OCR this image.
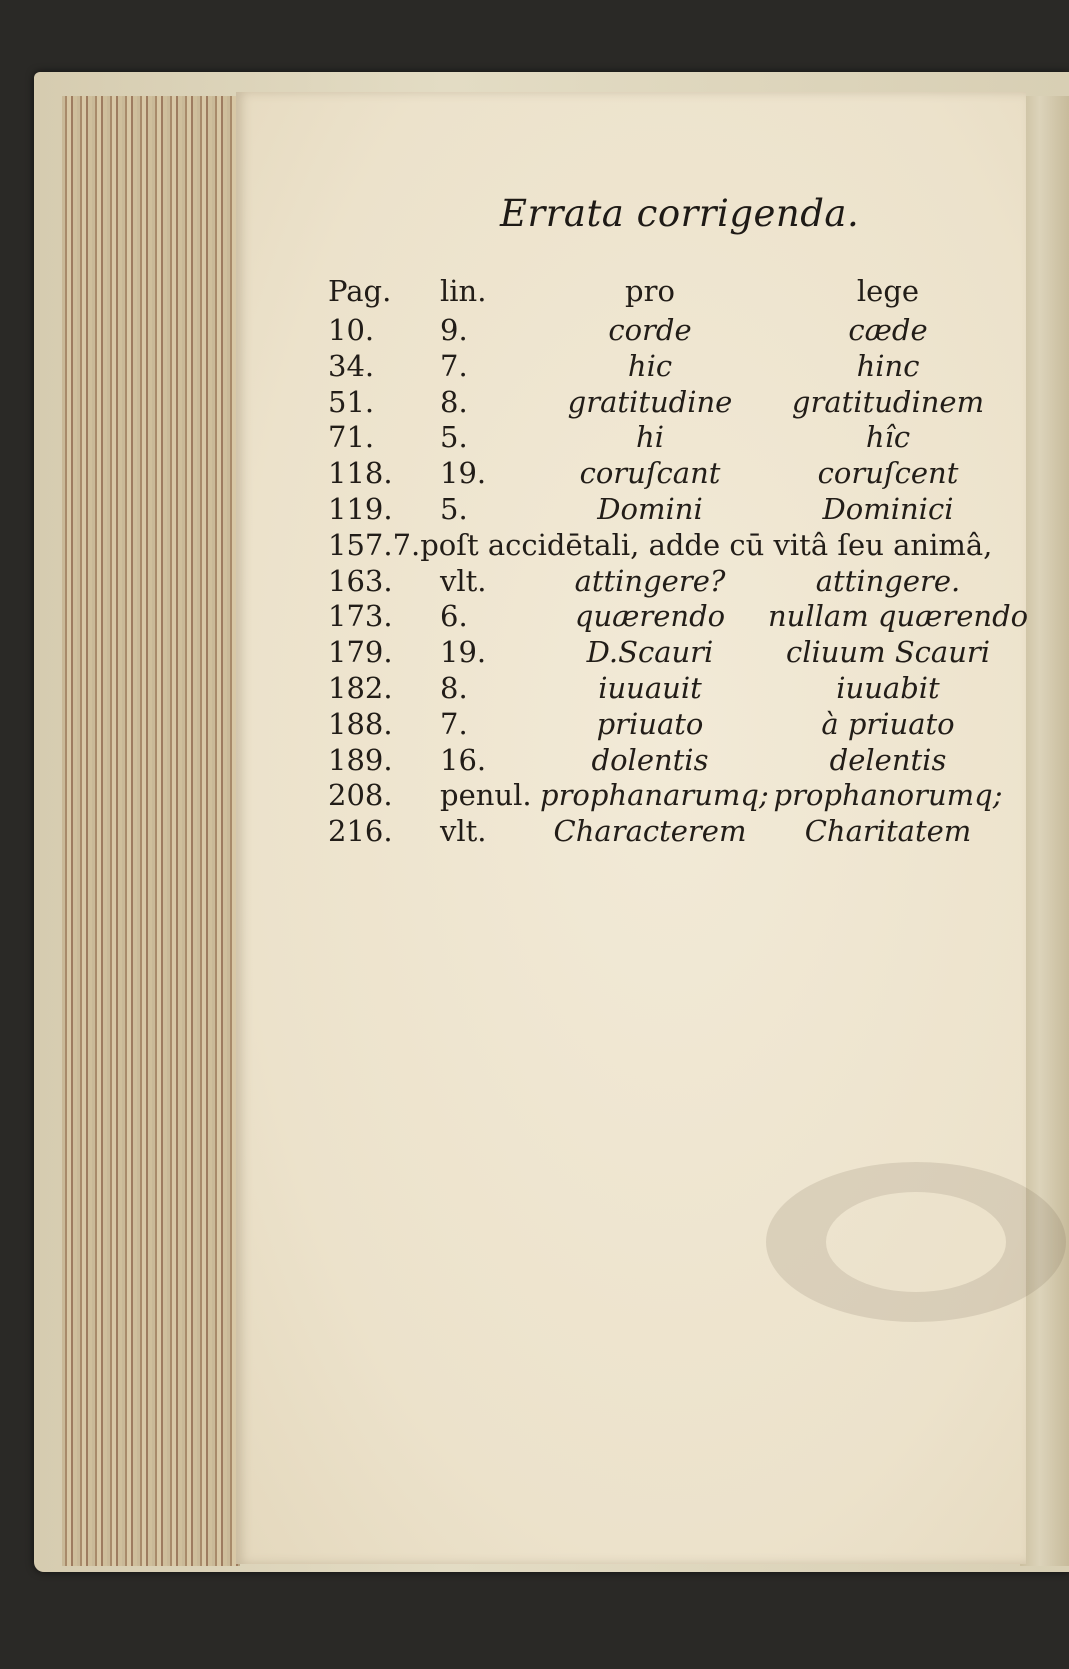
Errata corrigenda.
Pag. lin.	pro	lege
10. 9.	corde	cæde
34. 7.	hic	hinc
51. 8.	gratitudine	gratitudinem
71. 5.	hi	hîc
118. 19.	coruſcant	coruſcent
119. 5.	Domini	Dominici
157.7.poſt accidētali, adde cū vitâ ſeu animâ,
163. vlt.	attingere?	attingere.
173. 6.	quærendo	nullam quærendo
179. 19.	D.Scauri	cliuum Scauri
182. 8.	iuuauit	iuuabit
188. 7.	priuato	à priuato
189. 16.	dolentis	delentis
208. penul. prophanarumq; prophanorumq;
216. vlt.	Characterem	Charitatem
